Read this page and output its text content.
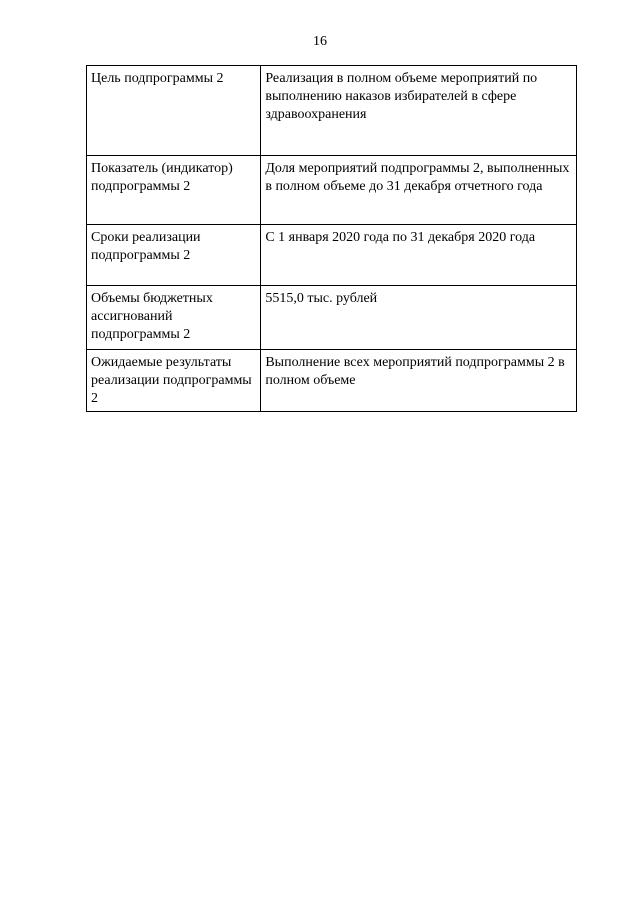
16
Цель подпрограммы 2	Реализация в полном объеме мероприятий по выполнению наказов избирателей в сфере здравоохранения
Показатель (индикатор) подпрограммы 2	Доля мероприятий подпрограммы 2, выполненных в полном объеме до 31 декабря отчетного года
Сроки реализации подпрограммы 2	С 1 января 2020 года по 31 декабря 2020 года
Объемы бюджетных ассигнований подпрограммы 2	5515,0 тыс. рублей
Ожидаемые результаты реализации подпрограммы 2	Выполнение всех мероприятий подпрограммы 2 в полном объеме
